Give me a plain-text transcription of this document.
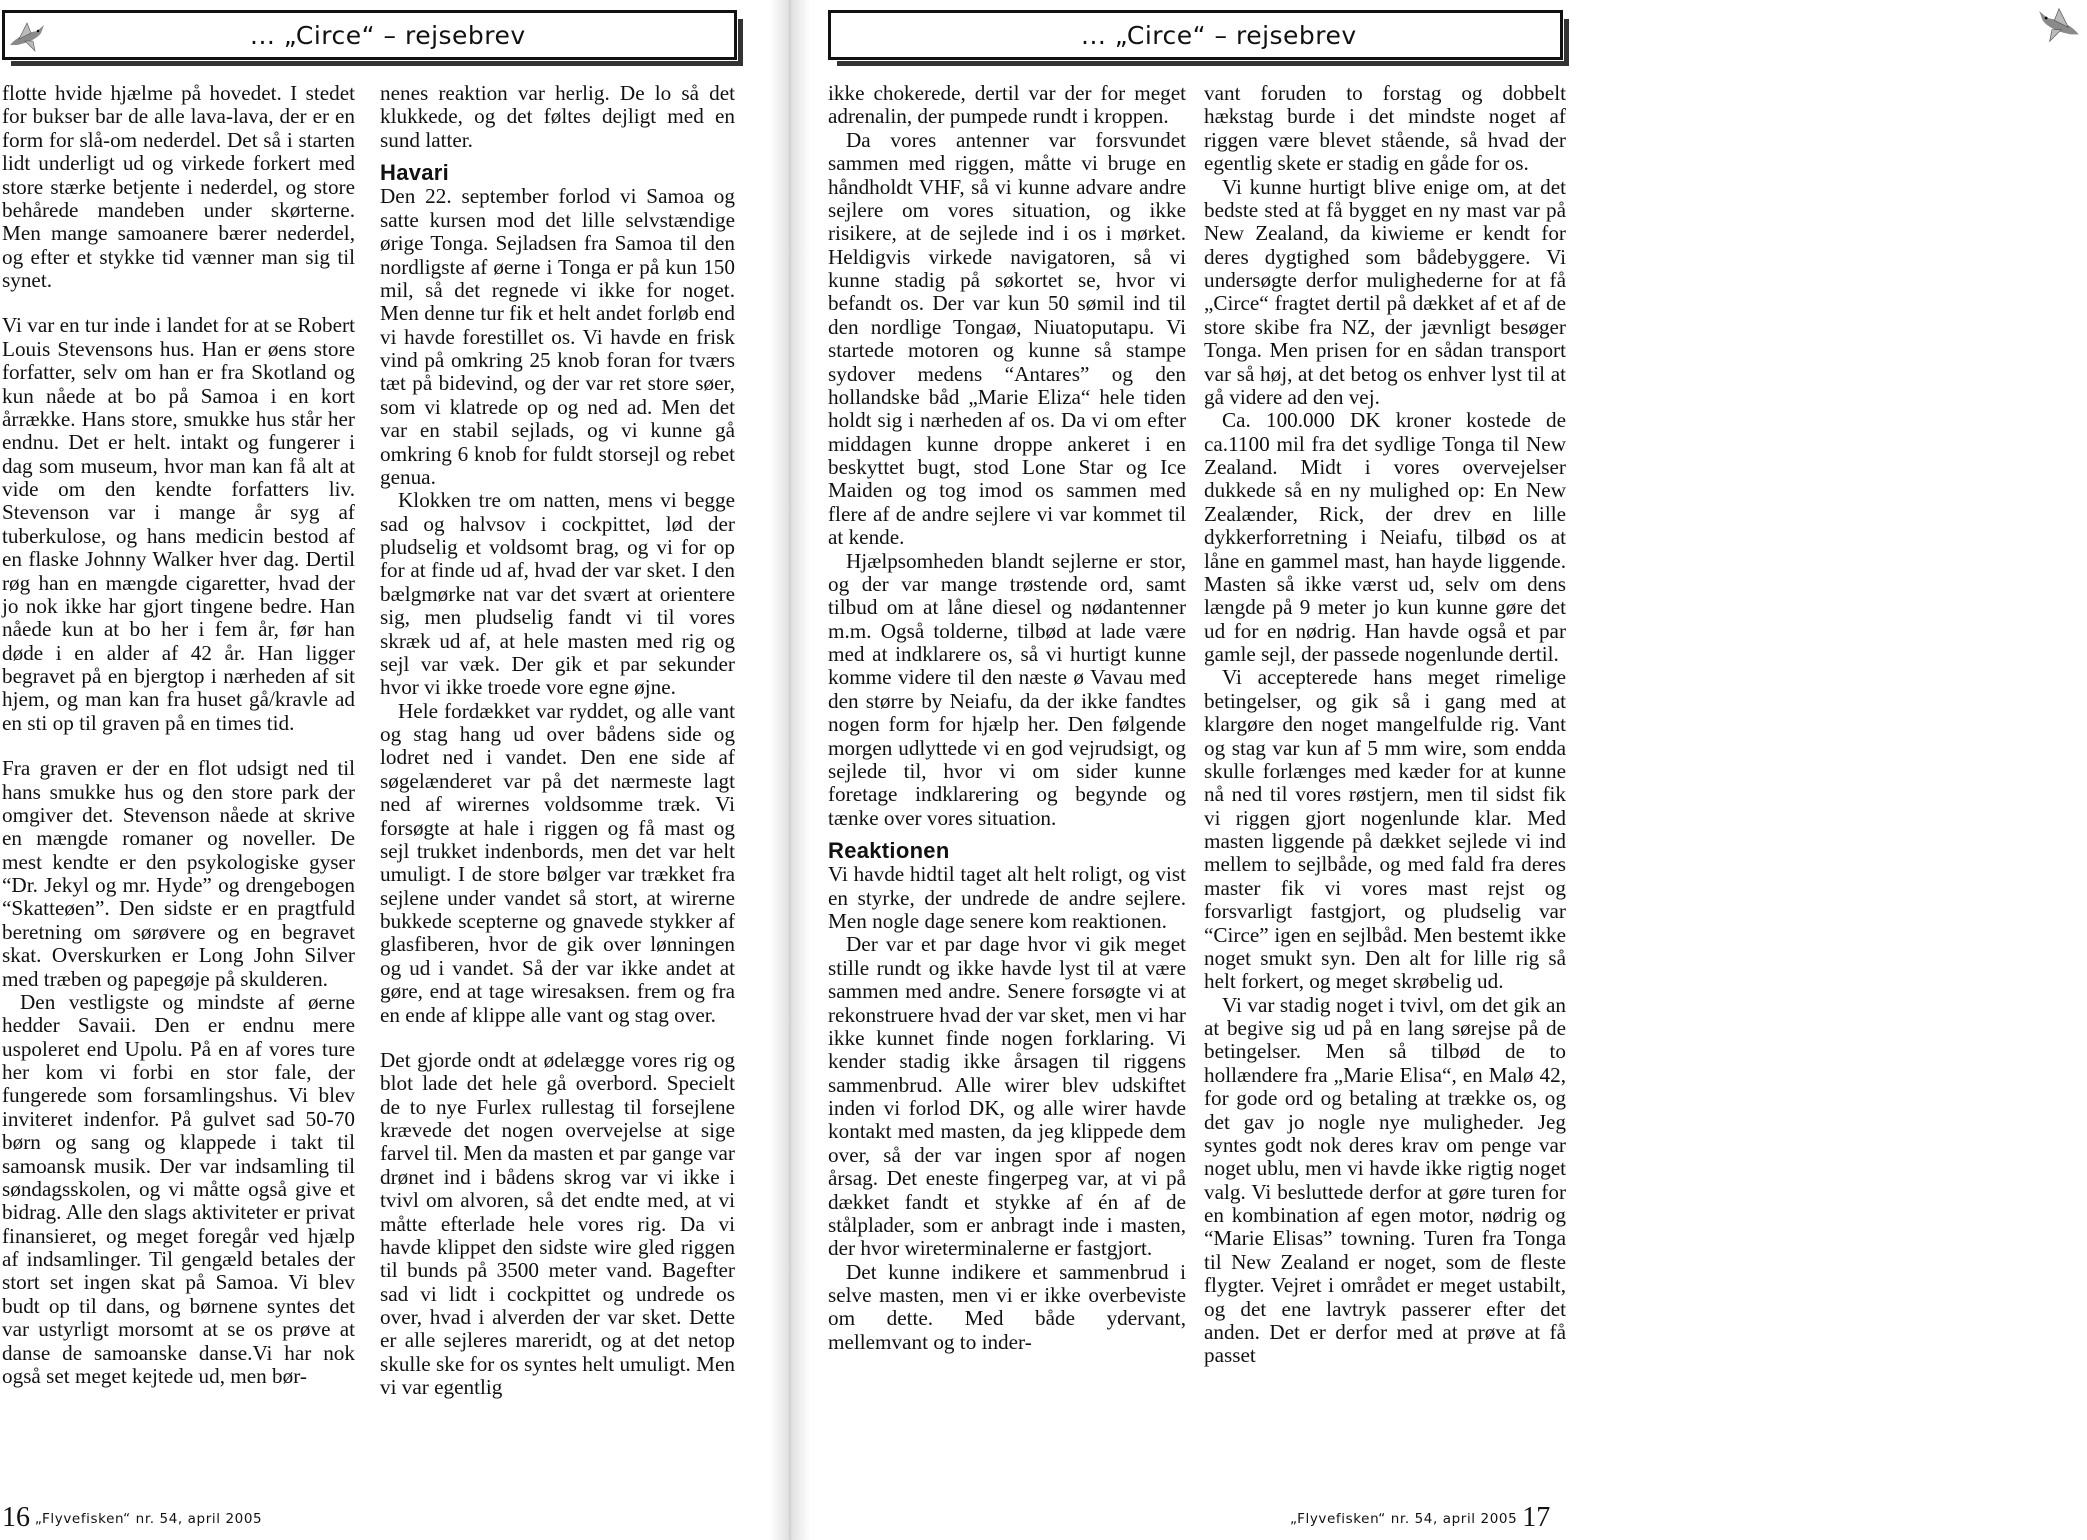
... „Circe“ – rejsebrev

flotte hvide hjælme på hovedet. I stedet for bukser bar de alle lava-lava, der er en form for slå-om nederdel. Det så i starten lidt underligt ud og virkede forkert med store stærke betjente i nederdel, og store behårede mandeben under skørterne. Men mange samoanere bærer nederdel, og efter et stykke tid vænner man sig til synet.

Vi var en tur inde i landet for at se Robert Louis Stevensons hus. Han er øens store forfatter, selv om han er fra Skotland og kun nåede at bo på Samoa i en kort årrække. Hans store, smukke hus står her endnu. Det er helt. intakt og fungerer i dag som museum, hvor man kan få alt at vide om den kendte forfatters liv. Stevenson var i mange år syg af tuberkulose, og hans medicin bestod af en flaske Johnny Walker hver dag. Dertil røg han en mængde cigaretter, hvad der jo nok ikke har gjort tingene bedre. Han nåede kun at bo her i fem år, før han døde i en alder af 42 år. Han ligger begravet på en bjergtop i nærheden af sit hjem, og man kan fra huset gå/kravle ad en sti op til graven på en times tid.

Fra graven er der en flot udsigt ned til hans smukke hus og den store park der omgiver det. Stevenson nåede at skrive en mængde romaner og noveller. De mest kendte er den psykologiske gyser “Dr. Jekyl og mr. Hyde” og drengebogen “Skatteøen”. Den sidste er en pragtfuld beretning om sørøvere og en begravet skat. Overskurken er Long John Silver med træben og papegøje på skulderen.

Den vestligste og mindste af øerne hedder Savaii. Den er endnu mere uspoleret end Upolu. På en af vores ture her kom vi forbi en stor fale, der fungerede som forsamlingshus. Vi blev inviteret indenfor. På gulvet sad 50-70 børn og sang og klappede i takt til samoansk musik. Der var indsamling til søndagsskolen, og vi måtte også give et bidrag. Alle den slags aktiviteter er privat finansieret, og meget foregår ved hjælp af indsamlinger. Til gengæld betales der stort set ingen skat på Samoa. Vi blev budt op til dans, og børnene syntes det var ustyrligt morsomt at se os prøve at danse de samoanske danse.Vi har nok også set meget kejtede ud, men bør-

nenes reaktion var herlig. De lo så det klukkede, og det føltes dejligt med en sund latter.

Havari

Den 22. september forlod vi Samoa og satte kursen mod det lille selvstændige ørige Tonga. Sejladsen fra Samoa til den nordligste af øerne i Tonga er på kun 150 mil, så det regnede vi ikke for noget. Men denne tur fik et helt andet forløb end vi havde forestillet os. Vi havde en frisk vind på omkring 25 knob foran for tværs tæt på bidevind, og der var ret store søer, som vi klatrede op og ned ad. Men det var en stabil sejlads, og vi kunne gå omkring 6 knob for fuldt storsejl og rebet genua.

Klokken tre om natten, mens vi begge sad og halvsov i cockpittet, lød der pludselig et voldsomt brag, og vi for op for at finde ud af, hvad der var sket. I den bælgmørke nat var det svært at orientere sig, men pludselig fandt vi til vores skræk ud af, at hele masten med rig og sejl var væk. Der gik et par sekunder hvor vi ikke troede vore egne øjne.

Hele fordækket var ryddet, og alle vant og stag hang ud over bådens side og lodret ned i vandet. Den ene side af søgelænderet var på det nærmeste lagt ned af wirernes voldsomme træk. Vi forsøgte at hale i riggen og få mast og sejl trukket indenbords, men det var helt umuligt. I de store bølger var trækket fra sejlene under vandet så stort, at wirerne bukkede scepterne og gnavede stykker af glasfiberen, hvor de gik over lønningen og ud i vandet. Så der var ikke andet at gøre, end at tage wiresaksen. frem og fra en ende af klippe alle vant og stag over.

Det gjorde ondt at ødelægge vores rig og blot lade det hele gå overbord. Specielt de to nye Furlex rullestag til forsejlene krævede det nogen overvejelse at sige farvel til. Men da masten et par gange var drønet ind i bådens skrog var vi ikke i tvivl om alvoren, så det endte med, at vi måtte efterlade hele vores rig. Da vi havde klippet den sidste wire gled riggen til bunds på 3500 meter vand. Bagefter sad vi lidt i cockpittet og undrede os over, hvad i alverden der var sket. Dette er alle sejleres mareridt, og at det netop skulle ske for os syntes helt umuligt. Men vi var egentlig

16 „Flyvefisken“ nr. 54, april 2005
... „Circe“ – rejsebrev

ikke chokerede, dertil var der for meget adrenalin, der pumpede rundt i kroppen.

Da vores antenner var forsvundet sammen med riggen, måtte vi bruge en håndholdt VHF, så vi kunne advare andre sejlere om vores situation, og ikke risikere, at de sejlede ind i os i mørket. Heldigvis virkede navigatoren, så vi kunne stadig på søkortet se, hvor vi befandt os. Der var kun 50 sømil ind til den nordlige Tongaø, Niuatoputapu. Vi startede motoren og kunne så stampe sydover medens “Antares” og den hollandske båd „Marie Eliza“ hele tiden holdt sig i nærheden af os. Da vi om efter middagen kunne droppe ankeret i en beskyttet bugt, stod Lone Star og Ice Maiden og tog imod os sammen med flere af de andre sejlere vi var kommet til at kende.

Hjælpsomheden blandt sejlerne er stor, og der var mange trøstende ord, samt tilbud om at låne diesel og nødantenner m.m. Også tolderne, tilbød at lade være med at indklarere os, så vi hurtigt kunne komme videre til den næste ø Vavau med den større by Neiafu, da der ikke fandtes nogen form for hjælp her. Den følgende morgen udlyttede vi en god vejrudsigt, og sejlede til, hvor vi om sider kunne foretage indklarering og begynde og tænke over vores situation.

Reaktionen

Vi havde hidtil taget alt helt roligt, og vist en styrke, der undrede de andre sejlere. Men nogle dage senere kom reaktionen.

Der var et par dage hvor vi gik meget stille rundt og ikke havde lyst til at være sammen med andre. Senere forsøgte vi at rekonstruere hvad der var sket, men vi har ikke kunnet finde nogen forklaring. Vi kender stadig ikke årsagen til riggens sammenbrud. Alle wirer blev udskiftet inden vi forlod DK, og alle wirer havde kontakt med masten, da jeg klippede dem over, så der var ingen spor af nogen årsag. Det eneste fingerpeg var, at vi på dækket fandt et stykke af én af de stålplader, som er anbragt inde i masten, der hvor wireterminalerne er fastgjort.

Det kunne indikere et sammenbrud i selve masten, men vi er ikke overbeviste om dette. Med både ydervant, mellemvant og to inder-

vant foruden to forstag og dobbelt hækstag burde i det mindste noget af riggen være blevet stående, så hvad der egentlig skete er stadig en gåde for os.

Vi kunne hurtigt blive enige om, at det bedste sted at få bygget en ny mast var på New Zealand, da kiwieme er kendt for deres dygtighed som bådebyggere. Vi undersøgte derfor mulighederne for at få „Circe“ fragtet dertil på dækket af et af de store skibe fra NZ, der jævnligt besøger Tonga. Men prisen for en sådan transport var så høj, at det betog os enhver lyst til at gå videre ad den vej.

Ca. 100.000 DK kroner kostede de ca.1100 mil fra det sydlige Tonga til New Zealand. Midt i vores overvejelser dukkede så en ny mulighed op: En New Zealænder, Rick, der drev en lille dykkerforretning i Neiafu, tilbød os at låne en gammel mast, han hayde liggende. Masten så ikke værst ud, selv om dens længde på 9 meter jo kun kunne gøre det ud for en nødrig. Han havde også et par gamle sejl, der passede nogenlunde dertil.

Vi accepterede hans meget rimelige betingelser, og gik så i gang med at klargøre den noget mangelfulde rig. Vant og stag var kun af 5 mm wire, som endda skulle forlænges med kæder for at kunne nå ned til vores røstjern, men til sidst fik vi riggen gjort nogenlunde klar. Med masten liggende på dækket sejlede vi ind mellem to sejlbåde, og med fald fra deres master fik vi vores mast rejst og forsvarligt fastgjort, og pludselig var “Circe” igen en sejlbåd. Men bestemt ikke noget smukt syn. Den alt for lille rig så helt forkert, og meget skrøbelig ud.

Vi var stadig noget i tvivl, om det gik an at begive sig ud på en lang sørejse på de betingelser. Men så tilbød de to hollændere fra „Marie Elisa“, en Malø 42, for gode ord og betaling at trække os, og det gav jo nogle nye muligheder. Jeg syntes godt nok deres krav om penge var noget ublu, men vi havde ikke rigtig noget valg. Vi besluttede derfor at gøre turen for en kombination af egen motor, nødrig og “Marie Elisas” towning. Turen fra Tonga til New Zealand er noget, som de fleste flygter. Vejret i området er meget ustabilt, og det ene lavtryk passerer efter det anden. Det er derfor med at prøve at få passet

„Flyvefisken“ nr. 54, april 2005 17
